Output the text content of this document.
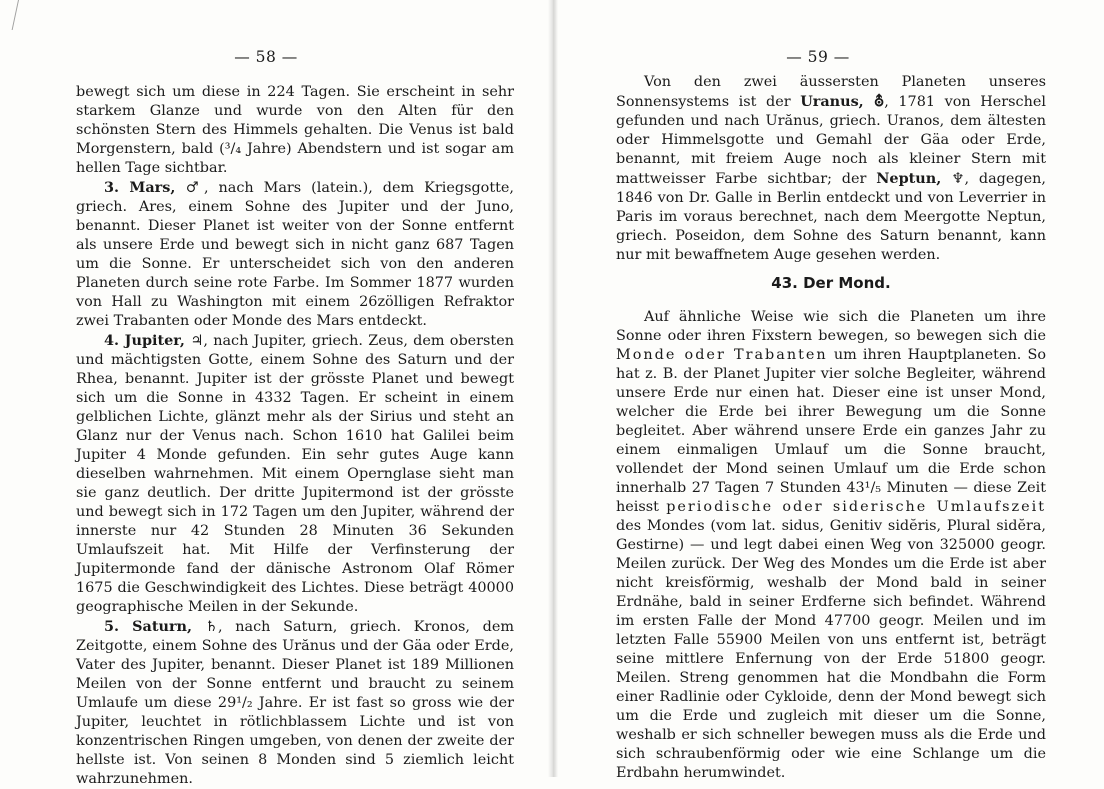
— 58 —

bewegt sich um diese in 224 Tagen. Sie erscheint in sehr starkem Glanze und wurde von den Alten für den schönsten Stern des Himmels gehalten. Die Venus ist bald Morgenstern, bald (³/₄ Jahre) Abendstern und ist sogar am hellen Tage sichtbar.

3. Mars, ♂, nach Mars (latein.), dem Kriegsgotte, griech. Ares, einem Sohne des Jupiter und der Juno, benannt. Dieser Planet ist weiter von der Sonne entfernt als unsere Erde und bewegt sich in nicht ganz 687 Tagen um die Sonne. Er unterscheidet sich von den anderen Planeten durch seine rote Farbe. Im Sommer 1877 wurden von Hall zu Washington mit einem 26zölligen Refraktor zwei Trabanten oder Monde des Mars entdeckt.

4. Jupiter, ♃, nach Jupiter, griech. Zeus, dem obersten und mächtigsten Gotte, einem Sohne des Saturn und der Rhea, benannt. Jupiter ist der grösste Planet und bewegt sich um die Sonne in 4332 Tagen. Er scheint in einem gelblichen Lichte, glänzt mehr als der Sirius und steht an Glanz nur der Venus nach. Schon 1610 hat Galilei beim Jupiter 4 Monde gefunden. Ein sehr gutes Auge kann dieselben wahrnehmen. Mit einem Opernglase sieht man sie ganz deutlich. Der dritte Jupitermond ist der grösste und bewegt sich in 172 Tagen um den Jupiter, während der innerste nur 42 Stunden 28 Minuten 36 Sekunden Umlaufszeit hat. Mit Hilfe der Verfinsterung der Jupitermonde fand der dänische Astronom Olaf Römer 1675 die Geschwindigkeit des Lichtes. Diese beträgt 40000 geographische Meilen in der Sekunde.

5. Saturn, ♄, nach Saturn, griech. Kronos, dem Zeitgotte, einem Sohne des Urănus und der Gäa oder Erde, Vater des Jupiter, benannt. Dieser Planet ist 189 Millionen Meilen von der Sonne entfernt und braucht zu seinem Umlaufe um diese 29¹/₂ Jahre. Er ist fast so gross wie der Jupiter, leuchtet in rötlichblassem Lichte und ist von konzentrischen Ringen umgeben, von denen der zweite der hellste ist. Von seinen 8 Monden sind 5 ziemlich leicht wahrzunehmen.

— 59 —

Von den zwei äussersten Planeten unseres Sonnensystems ist der Uranus, ⛢, 1781 von Herschel gefunden und nach Urănus, griech. Uranos, dem ältesten oder Himmelsgotte und Gemahl der Gäa oder Erde, benannt, mit freiem Auge noch als kleiner Stern mit mattweisser Farbe sichtbar; der Neptun, ♆, dagegen, 1846 von Dr. Galle in Berlin entdeckt und von Leverrier in Paris im voraus berechnet, nach dem Meergotte Neptun, griech. Poseidon, dem Sohne des Saturn benannt, kann nur mit bewaffnetem Auge gesehen werden.

43. Der Mond.

Auf ähnliche Weise wie sich die Planeten um ihre Sonne oder ihren Fixstern bewegen, so bewegen sich die Monde oder Trabanten um ihren Hauptplaneten. So hat z. B. der Planet Jupiter vier solche Begleiter, während unsere Erde nur einen hat. Dieser eine ist unser Mond, welcher die Erde bei ihrer Bewegung um die Sonne begleitet. Aber während unsere Erde ein ganzes Jahr zu einem einmaligen Umlauf um die Sonne braucht, vollendet der Mond seinen Umlauf um die Erde schon innerhalb 27 Tagen 7 Stunden 43¹/₅ Minuten — diese Zeit heisst periodische oder siderische Umlaufszeit des Mondes (vom lat. sidus, Genitiv sidĕris, Plural sidĕra, Gestirne) — und legt dabei einen Weg von 325000 geogr. Meilen zurück. Der Weg des Mondes um die Erde ist aber nicht kreisförmig, weshalb der Mond bald in seiner Erdnähe, bald in seiner Erdferne sich befindet. Während im ersten Falle der Mond 47700 geogr. Meilen und im letzten Falle 55900 Meilen von uns entfernt ist, beträgt seine mittlere Enfernung von der Erde 51800 geogr. Meilen. Streng genommen hat die Mondbahn die Form einer Radlinie oder Cykloide, denn der Mond bewegt sich um die Erde und zugleich mit dieser um die Sonne, weshalb er sich schneller bewegen muss als die Erde und sich schraubenförmig oder wie eine Schlange um die Erdbahn herumwindet.
